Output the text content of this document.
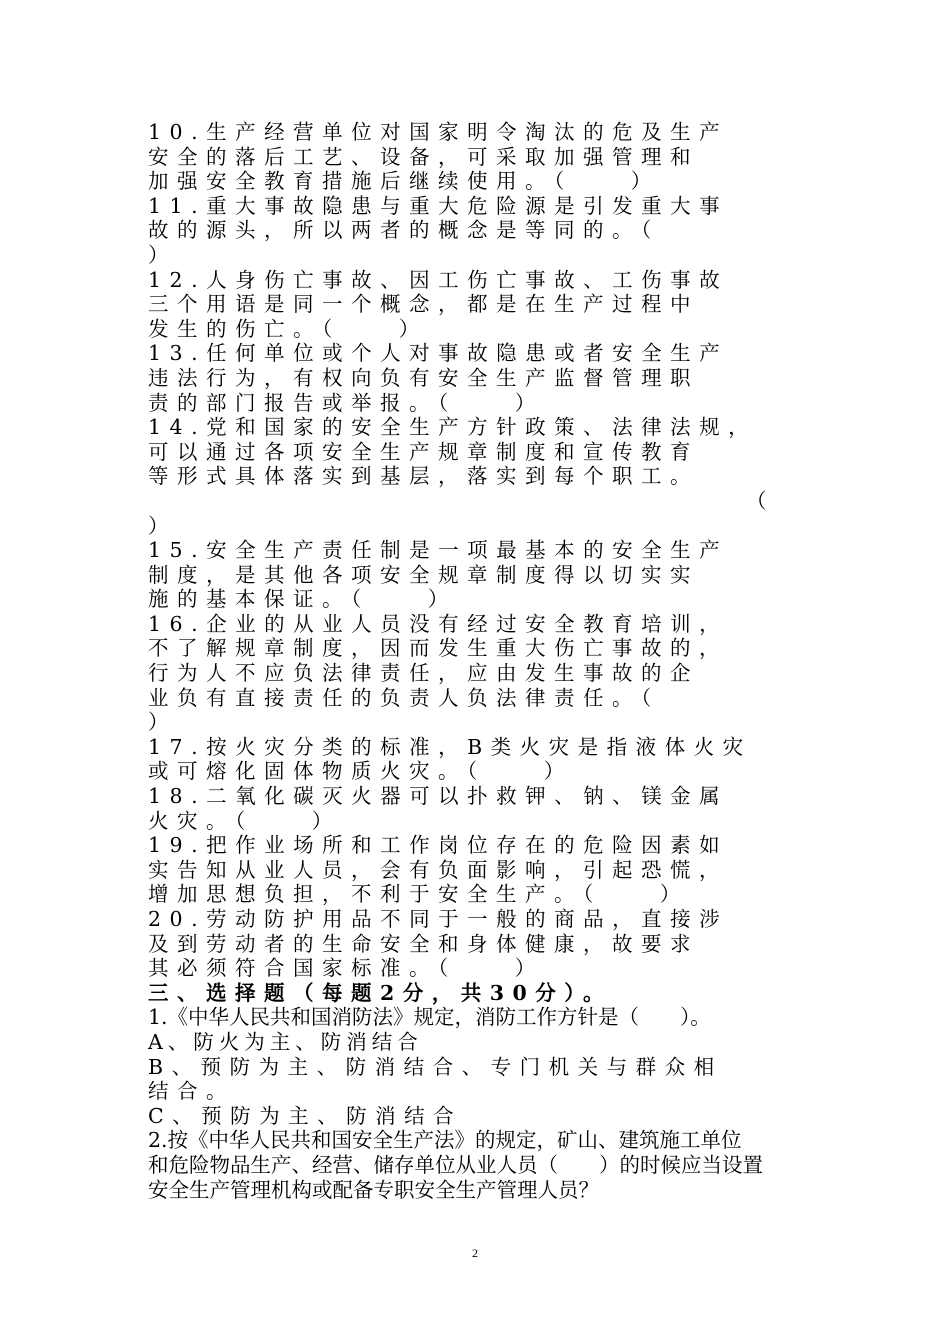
10.生产经营单位对国家明令淘汰的危及生产
安全的落后工艺、设备，可采取加强管理和
加强安全教育措施后继续使用。（　　）
11.重大事故隐患与重大危险源是引发重大事
故的源头，所以两者的概念是等同的。（
）
12.人身伤亡事故、因工伤亡事故、工伤事故
三个用语是同一个概念，都是在生产过程中
发生的伤亡。（　　）
13.任何单位或个人对事故隐患或者安全生产
违法行为，有权向负有安全生产监督管理职
责的部门报告或举报。（　　）
14.党和国家的安全生产方针政策、法律法规，
可以通过各项安全生产规章制度和宣传教育
等形式具体落实到基层，落实到每个职工。
（
）
15.安全生产责任制是一项最基本的安全生产
制度，是其他各项安全规章制度得以切实实
施的基本保证。（　　）
16.企业的从业人员没有经过安全教育培训，
不了解规章制度，因而发生重大伤亡事故的，
行为人不应负法律责任，应由发生事故的企
业负有直接责任的负责人负法律责任。（
）
17.按火灾分类的标准，B类火灾是指液体火灾
或可熔化固体物质火灾。（　　）
18.二氧化碳灭火器可以扑救钾、钠、镁金属
火灾。（　　）
19.把作业场所和工作岗位存在的危险因素如
实告知从业人员，会有负面影响，引起恐慌，
增加思想负担，不利于安全生产。（　　）
20.劳动防护用品不同于一般的商品，直接涉
及到劳动者的生命安全和身体健康，故要求
其必须符合国家标准。（　　）
三、选择题（每题2分，共30分）。
1.《中华人民共和国消防法》规定，消防工作方针是（　　）。
A、防火为主、防消结合
B、预防为主、防消结合、专门机关与群众相
结合。
C、预防为主、防消结合
2.按《中华人民共和国安全生产法》的规定，矿山、建筑施工单位
和危险物品生产、经营、储存单位从业人员（　　）的时候应当设置
安全生产管理机构或配备专职安全生产管理人员？
2
